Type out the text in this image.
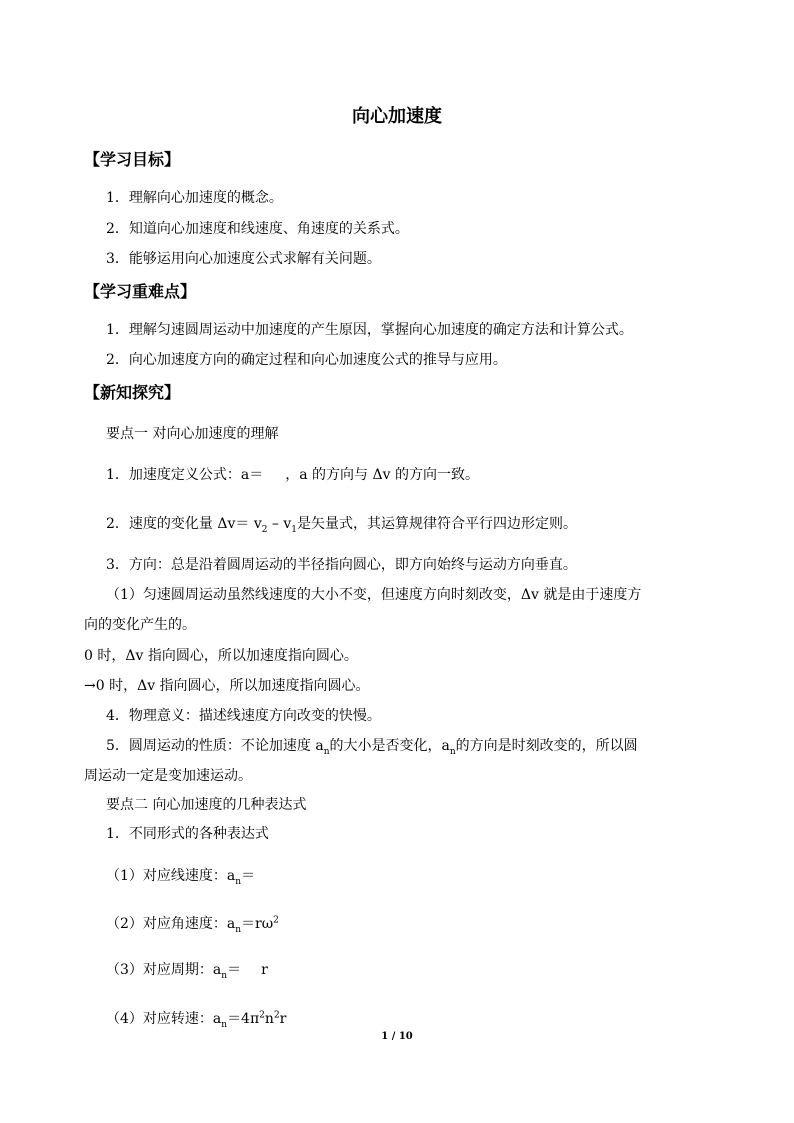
向心加速度
【学习目标】
1．理解向心加速度的概念。
2．知道向心加速度和线速度、角速度的关系式。
3．能够运用向心加速度公式求解有关问题。
【学习重难点】
1．理解匀速圆周运动中加速度的产生原因，掌握向心加速度的确定方法和计算公式。
2．向心加速度方向的确定过程和向心加速度公式的推导与应用。
【新知探究】
要点一 对向心加速度的理解
1．加速度定义公式：a＝ ，a 的方向与 Δv 的方向一致。
2．速度的变化量 $\Delta v= v_2 - v_1$是矢量式，其运算规律符合平行四边形定则。
3．方向：总是沿着圆周运动的半径指向圆心，即方向始终与运动方向垂直。
（1）匀速圆周运动虽然线速度的大小不变，但速度方向时刻改变，Δv 就是由于速度方
向的变化产生的。
0 时，Δv 指向圆心，所以加速度指向圆心。
→0 时，Δv 指向圆心，所以加速度指向圆心。
4．物理意义：描述线速度方向改变的快慢。
5．圆周运动的性质：不论加速度 $a_n$的大小是否变化，$a_n$的方向是时刻改变的，所以圆
周运动一定是变加速运动。
要点二 向心加速度的几种表达式
1．不同形式的各种表达式
（1）对应线速度：$a_n=$
（2）对应角速度：$a_n=r\omega^2$
（3）对应周期：$a_n= r$
（4）对应转速：$a_n=4\pi^2n^2r$
1 / 10
